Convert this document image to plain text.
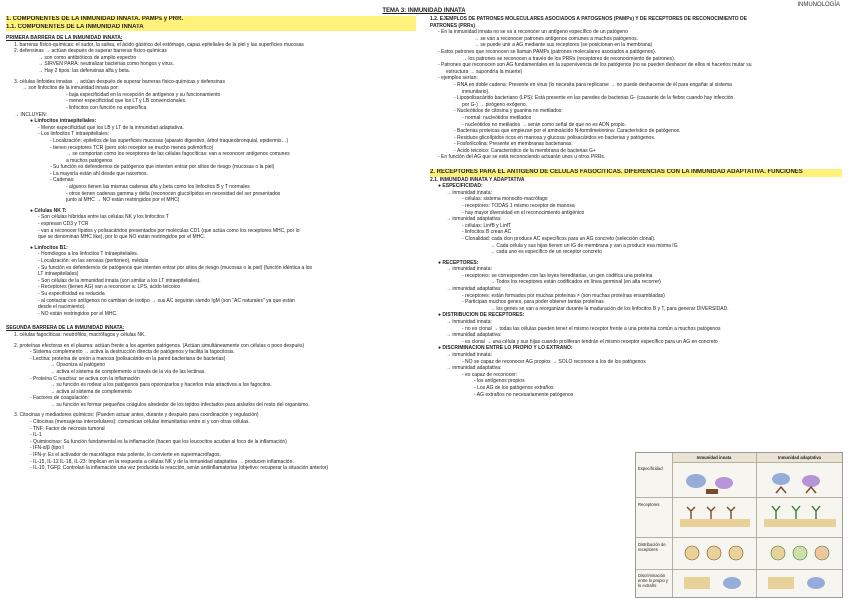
INMUNOLOGÍA
TEMA 3: INMUNIDAD INNATA
1. COMPONENTES DE LA INMUNIDAD INNATA. PAMPs y PRR.
1.1. COMPONENTES DE LA INMUNIDAD INNATA
PRIMERA BARRERA DE LA INMUNIDAD INNATA:
1. barreras físico-químicas: el sudor, la saliva, el ácido gástrico del estómago, capas epiteliales de la piel y las superficies mucosas
2. defensinas → actúan después de superar barreras físico-químicas
→ son como antibióticos de amplio espectro
→ SIRVEN PARA: neutralizar bacterias como hongos y virus.
→ Hay 2 tipos: las defensinas alfa y beta.
3. células linfoides innatas → actúan después de superar barreras físico-químicas y defensinas
→ son linfocitos de la inmunidad innata por:
- baja especificidad en la recepción de antígenos y su funcionamiento
- menor especificidad que los LT y LB convencionales.
- linfocitos con función no específica
→ INCLUYEN:
● Linfocitos intraepiteliales:
- Menor especificidad que los LB y LT de la inmunidad adaptativa.
- Los linfocitos T intraepiteliales:
- Localización: epitelios de las superficies mucosas (aparato digestivo, árbol traqueobronquial, epidermis…)
- tienen receptores TCR (pero solo receptor se mucho menos polimórfico)
→ se comportan como los receptores de las células fagocíticas: van a reconocer antígenos comunes
a muchos patógenos
- Su función es defendernos de patógenos que intenten entrar por sitios de riesgo (mucosas o la piel)
- La mayoría están ahí desde que nacemos.
- Cadenas:
- algunos tienen las mismas cadenas alfa y beta como los linfocitos B y T normales
- otros tienen cadenas gamma y delta (reconocen glucolípidos en necesidad del ser presentados
junto al MHC → NO están restringidos por el MHC)
● Células NK T:
- Son células híbridas entre las células NK y los linfocitos T
- expresan CD3 y TCR
- van a reconocer lípidos y polisacáridos presentados por moléculas CD1 (que actúa como los receptores MHC, por lo
que se denominan MHC like), por lo que NO están restringidos por el MHC.
● Linfocitos B1:
- Homólogos a los linfocitos T intraepiteliales.
- Localización: en las serosas (peritoneo), médula
- Su función es defendernos de patógenos que intenten entrar por sitios de riesgo (mucosas o la piel) (función idéntica a los
LT intraepiteliales)
- Son células de la inmunidad innata (son similar a los LT intraepiteliales).
- Receptores (tienen AG) van a reconocer a: LPS, ácido teicoico
- Su especificidad es reducida
- al contactar con antígenos no cambian de isotipo → sus AC seguirán siendo IgM (son "AC naturales" ya que están
desde el nacimiento).
- NO están restringidos por el MHC.
SEGUNDA BARRERA DE LA INMUNIDAD INNATA:
1. células fagocíticas: neutrófilos, macrófagos y células NK.
2. proteínas efectoras en el plasma: actúan frente a los agentes patógenos. (Actúan simultáneamente con células o poco después)
- Sistema complemento → activa la destrucción directa de patógenos y facilita la fagocitosis.
- Lectina: proteína de unión a manosa (polisacárido en la pared bacteriana de bacterias)
→ Opsoniza al patógeno
→ activa el sistema de complemento a través de la vía de las lectinas.
- Proteína C reactiva: se activa con la inflamación
→ su función es rodear a los patógenos para opsonizarlos y hacerlos más atractivos a los fagocitos.
→ activa al sistema de complemento
- Factores de coagulación:
→ su función es formar pequeños coágulos alrededor de los tejidos infectados para aislarlos del resto del organismo.
3. Citocinas y mediadores químicos: (Pueden actuar antes, durante y después para coordinación y regulación)
- Citocinas (mensajeras intercelulares): comunican células inmunitarias entre sí y con otras células.
- TNF: Factor de necrosis tumoral
- IL-1
- Quimiocinas: Su función fundamental es la inflamación (hacen que los leucocitos acudan al foco de la inflamación)
- IFN-α/β (tipo I
- IFN-γ: Es el activador de macrófagos más potente, lo convierte en supermacrófagos.
- IL-15, IL-12 IL-18, IL-23: Implican en la respuesta a células NK y de la inmunidad adaptativa → producen inflamación.
- IL-10, TGFβ: Controlan la inflamación una vez producida la reacción, serán antiinflamatorias (objetivo: recuperar la situación anterior)
1.2. EJEMPLOS DE PATRONES MOLECULARES ASOCIADOS A PATÓGENOS (PAMPs) Y DE RECEPTORES DE RECONOCIMIENTO DE
PATRONES (PRRs)
- En la inmunidad innata no se va a reconocer un antígeno específico de un patógeno
→ se van a reconocer patrones antígenos comunes a muchos patógenos.
→ se puede unir a AG mediante sus receptores (se posicionan en la membrana)
- Estos patrones que reconocen se llaman PAMPs (patrones moleculares asociados a patógenos).
→ los patrones se reconocen a través de los PRRs (receptores de reconocimiento de patrones).
- Patrones que reconocen son AG fundamentales en la supervivencia de los patógenos (no se pueden deshacer de ellos ni hacerlos mutar su
estructura → supondría la muerte)
- ejemplos serían:
- RNA en doble cadena: Presente en virus (lo necesita para replicarse → no puede deshacerse de él para engañar al sistema
inmunitario).
- Lipopolisacárido bacteriano (LPS): Está presente en las paredes de bacterias G- (causante de la fiebre cuando hay infección
por G-) → pirógeno exógeno.
- Nucleótidos de citosina y guanina no metilados:
- normal: nucleótidos metilados
- nucleótidos no metilados → serán como señal de que no es ADN propio.
- Bacterias proteicas que empiezan por el aminoácido N-formilmetionina: Característico de patógenos.
- Residuos glicolípidos ricos en manosa y glucosa: polisacáridos en bacterias y patógenos.
- Fosforilcolina: Presente en membranas bacterianas.
- Ácido teicoico: Característico de la membrana de bacterias G+
- En función del AG que se está reconociendo actuarán unos u otros PRRs.
2. RECEPTORES PARA EL ANTÍGENO DE CÉLULAS FAGOCÍTICAS. DIFERENCIAS CON LA INMUNIDAD ADAPTATIVA. FUNCIONES
2.1. INMUNIDAD INNATA Y ADAPTATIVA
● ESPECIFICIDAD:
→ inmunidad innata:
- células: sistema monocito-macrófago
- receptores: TODAS 1 mismo receptor de manosa
- hay mayor diversidad en el reconocimiento antigénico
→ inmunidad adaptativa:
- células: LinfB y LinfT
- linfocitos B crean AC
- Clonalidad: cada clon produce AC específicos para un AG concreto (selección clonal).
→ Cada célula y sus hijas tienen un IG de membrana y van a producir esa misma IG
→ cada uno es específico de un receptor concreto
● RECEPTORES:
→ inmunidad innata:
- receptores: se corresponden con las leyes hereditarias, un gen codifica una proteína
→ Todos los receptores están codificados en línea germinal (en alta recorrer)
→ inmunidad adaptativa:
- receptores: están formados por muchas proteínas ≠ (son muchas proteínas ensambladas)
- Participan muchos genes, para poder obtener tantas proteínas
→ los genes se van a reorganizar durante la maduración de los linfocitos B y T, para generar DIVERSIDAD.
● DISTRIBUCIÓN DE RECEPTORES:
→ inmunidad innata:
- no es clonal → todas las células pueden tener el mismo receptor frente a una proteína común a muchos patógenos
→ inmunidad adaptativa:
- es clonal → una célula y sus hijas cuando proliferan tendrán el mismo receptor específico para un AG en concreto
● DISCRIMINACIÓN ENTRE LO PROPIO Y LO EXTRAÑO:
→ inmunidad innata:
- NO se capaz de reconocer AG propios → SOLO reconoce a los de los patógenos
→ inmunidad adaptativa:
- es capaz de reconocer:
- los antígenos propios
- Los AG de los patógenos extraños
- AG extraños no necesariamente patógenos
Inmunidad innata	Inmunidad adaptativa
Especificidad
Receptores
Distribución de receptores
Discriminación entre lo propio y lo extraño
